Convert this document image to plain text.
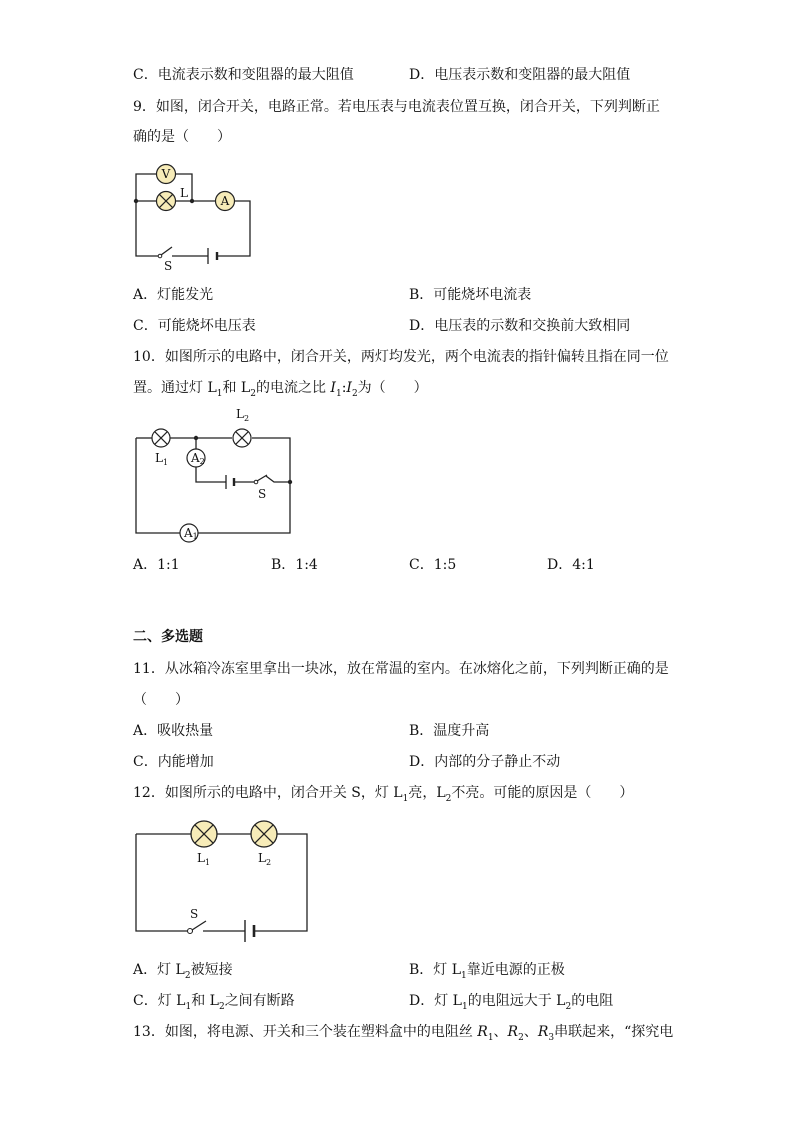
C．电流表示数和变阻器的最大阻值	D．电压表示数和变阻器的最大阻值
9．如图，闭合开关，电路正常。若电压表与电流表位置互换，闭合开关，下列判断正
确的是（　　）
V
L
A
S
A．灯能发光	B．可能烧坏电流表
C．可能烧坏电压表	D．电压表的示数和交换前大致相同
10．如图所示的电路中，闭合开关，两灯均发光，两个电流表的指针偏转且指在同一位
置。通过灯 $L_1$和 $L_2$的电流之比 $I_1:I_2$为（　　）
$L_1$
$L_2$
A2
S
A1
A．1:1	B．1:4	C．1:5	D．4:1
二、多选题
11．从冰箱冷冻室里拿出一块冰，放在常温的室内。在冰熔化之前，下列判断正确的是
（　　）
A．吸收热量	B．温度升高
C．内能增加	D．内部的分子静止不动
12．如图所示的电路中，闭合开关 S，灯 $L_1$亮，$L_2$不亮。可能的原因是（　　）
$L_1$	$L_2$
S
A．灯 $L_2$被短接	B．灯 $L_1$靠近电源的正极
C．灯 $L_1$和 $L_2$之间有断路	D．灯 $L_1$的电阻远大于 $L_2$的电阻
13．如图，将电源、开关和三个装在塑料盒中的电阻丝 $R_1$、$R_2$、$R_3$串联起来，“探究电
